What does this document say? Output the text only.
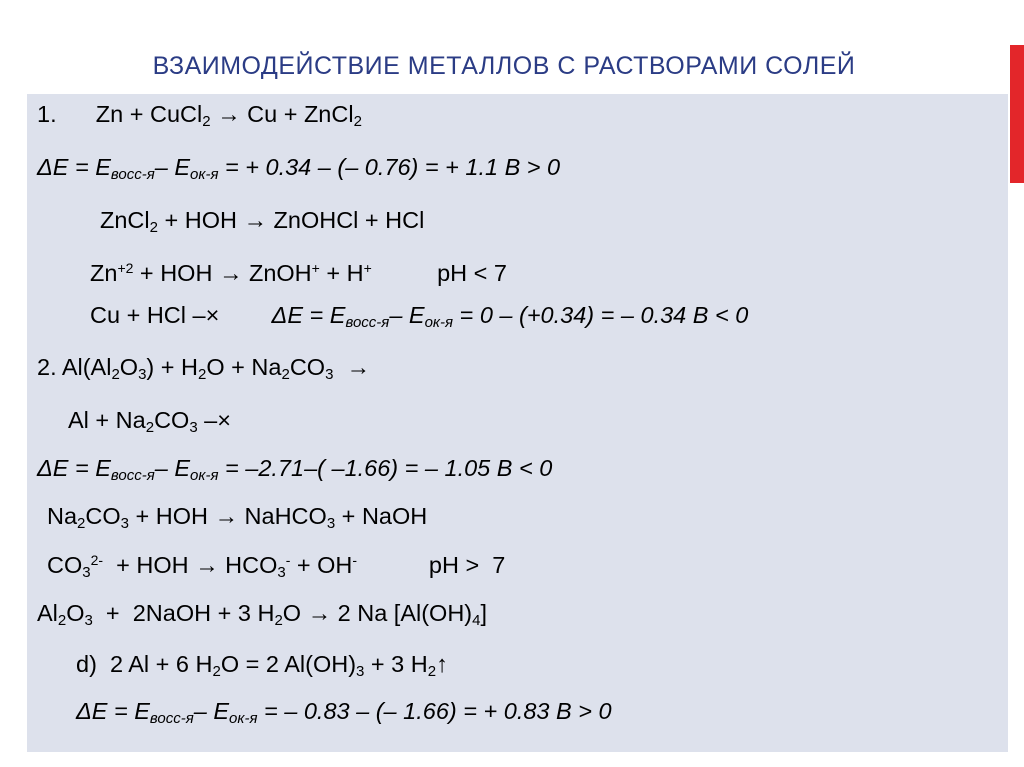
ВЗАИМОДЕЙСТВИЕ МЕТАЛЛОВ С РАСТВОРАМИ СОЛЕЙ
1.      Zn + CuCl$_2$ → Cu + ZnCl$_2$
ΔE = Eвосс-я– Eок-я = + 0.34 – (– 0.76) = + 1.1 В > 0
ZnCl$_2$ + HOH → ZnOHCl + HCl
$Zn^{+2}$ + HOH → ZnOH+ + H+          pH < 7
Cu + HCl –×        ΔE = Eвосс-я– Eок-я = 0 – (+0.34) = – 0.34 В < 0
2. $Al(Al_2O_3) + H_2O + Na_2CO_3$  →
$Al + Na_2CO_3$ –×
ΔE = Eвосс-я– Eок-я = –2.71–( –1.66) = – 1.05 В < 0
$Na_2CO_3$ + HOH → NaHCO$_3$ + NaOH
$CO_3^{2-}$  + HOH → $HCO_3^- + OH^-$           pH >  7
$Al_2O_3$  +  2NaOH + 3 $H_2O \to 2$ Na $[Al(OH)_4]$
d)  2 Al + 6 $H_2O = 2$ $Al(OH)_3 + 3$ $H_2↑$
ΔE = Eвосс-я– Eок-я = – 0.83 – (– 1.66) = + 0.83 В > 0
